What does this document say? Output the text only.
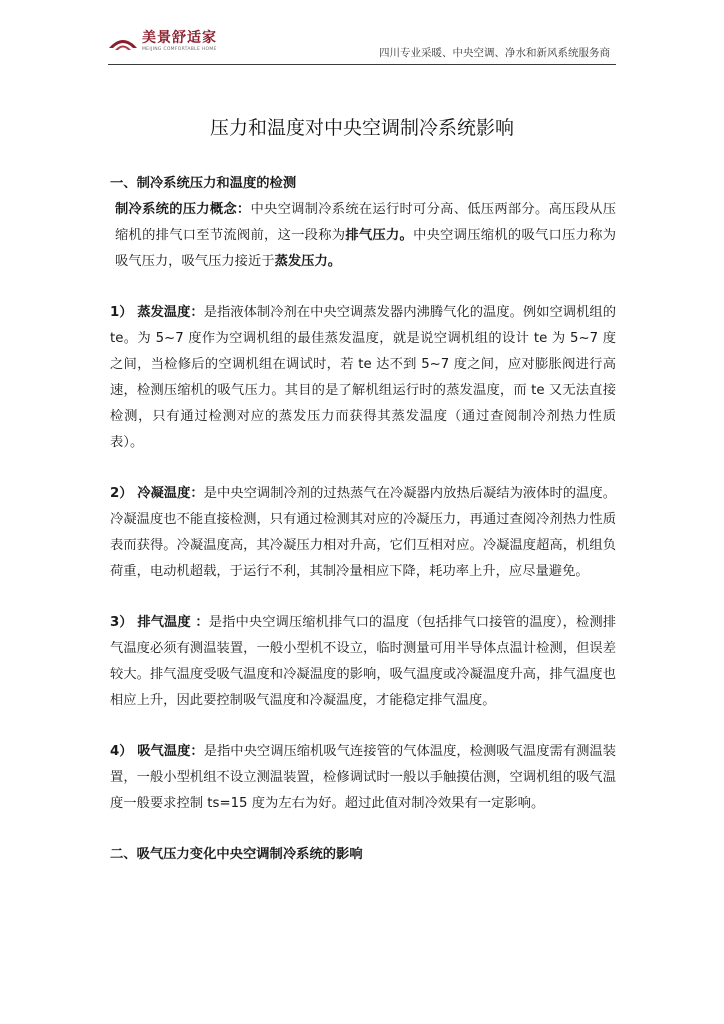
美景舒适家
MEIJING COMFORTABLE HOME	四川专业采暖、中央空调、净水和新风系统服务商
压力和温度对中央空调制冷系统影响

一、制冷系统压力和温度的检测

制冷系统的压力概念：中央空调制冷系统在运行时可分高、低压两部分。高压段从压缩机的排气口至节流阀前，这一段称为排气压力。中央空调压缩机的吸气口压力称为吸气压力，吸气压力接近于蒸发压力。

1） 蒸发温度：是指液体制冷剂在中央空调蒸发器内沸腾气化的温度。例如空调机组的 te。为 5~7 度作为空调机组的最佳蒸发温度，就是说空调机组的设计 te 为 5~7 度之间，当检修后的空调机组在调试时，若 te 达不到 5~7 度之间，应对膨胀阀进行高速，检测压缩机的吸气压力。其目的是了解机组运行时的蒸发温度，而 te 又无法直接检测，只有通过检测对应的蒸发压力而获得其蒸发温度（通过查阅制冷剂热力性质表）。

2） 冷凝温度：是中央空调制冷剂的过热蒸气在冷凝器内放热后凝结为液体时的温度。冷凝温度也不能直接检测，只有通过检测其对应的冷凝压力，再通过查阅冷剂热力性质表而获得。冷凝温度高，其冷凝压力相对升高，它们互相对应。冷凝温度超高，机组负荷重，电动机超载，于运行不利，其制冷量相应下降，耗功率上升，应尽量避免。

3） 排气温度 ：是指中央空调压缩机排气口的温度（包括排气口接管的温度），检测排气温度必须有测温装置，一般小型机不设立，临时测量可用半导体点温计检测，但误差较大。排气温度受吸气温度和冷凝温度的影响，吸气温度或冷凝温度升高，排气温度也相应上升，因此要控制吸气温度和冷凝温度，才能稳定排气温度。

4） 吸气温度：是指中央空调压缩机吸气连接管的气体温度，检测吸气温度需有测温装置，一般小型机组不设立测温装置，检修调试时一般以手触摸估测，空调机组的吸气温度一般要求控制 ts=15 度为左右为好。超过此值对制冷效果有一定影响。

二、吸气压力变化中央空调制冷系统的影响
